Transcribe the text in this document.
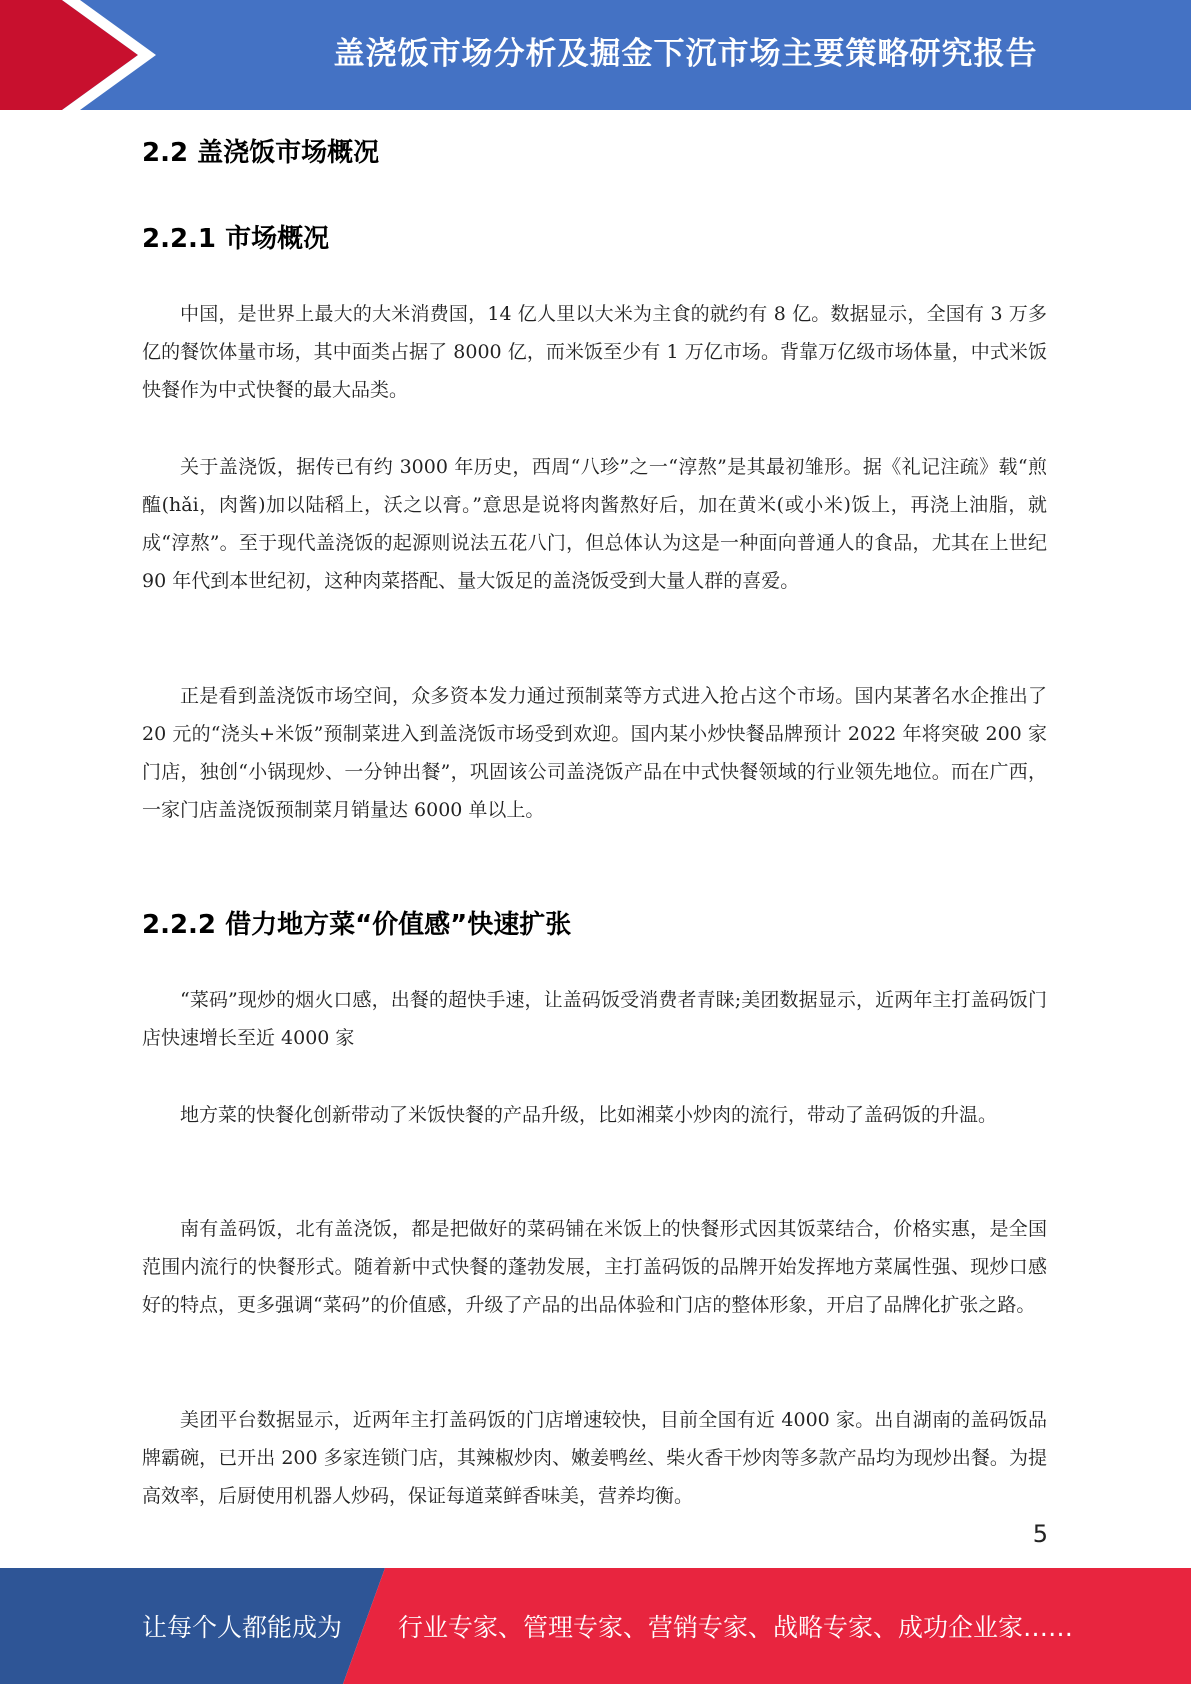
盖浇饭市场分析及掘金下沉市场主要策略研究报告
2.2 盖浇饭市场概况
2.2.1 市场概况

中国，是世界上最大的大米消费国，14 亿人里以大米为主食的就约有 8 亿。数据显示，全国有 3 万多亿的餐饮体量市场，其中面类占据了 8000 亿，而米饭至少有 1 万亿市场。背靠万亿级市场体量，中式米饭快餐作为中式快餐的最大品类。

关于盖浇饭，据传已有约 3000 年历史，西周“八珍”之一“淳熬”是其最初雏形。据《礼记注疏》载“煎醢(hǎi，肉酱)加以陆稻上，沃之以膏。”意思是说将肉酱熬好后，加在黄米(或小米)饭上，再浇上油脂，就成“淳熬”。至于现代盖浇饭的起源则说法五花八门，但总体认为这是一种面向普通人的食品，尤其在上世纪 90 年代到本世纪初，这种肉菜搭配、量大饭足的盖浇饭受到大量人群的喜爱。

正是看到盖浇饭市场空间，众多资本发力通过预制菜等方式进入抢占这个市场。国内某著名水企推出了 20 元的“浇头+米饭”预制菜进入到盖浇饭市场受到欢迎。国内某小炒快餐品牌预计 2022 年将突破 200 家门店，独创“小锅现炒、一分钟出餐”，巩固该公司盖浇饭产品在中式快餐领域的行业领先地位。而在广西，一家门店盖浇饭预制菜月销量达 6000 单以上。

2.2.2 借力地方菜“价值感”快速扩张

“菜码”现炒的烟火口感，出餐的超快手速，让盖码饭受消费者青睐;美团数据显示，近两年主打盖码饭门店快速增长至近 4000 家

地方菜的快餐化创新带动了米饭快餐的产品升级，比如湘菜小炒肉的流行，带动了盖码饭的升温。

南有盖码饭，北有盖浇饭，都是把做好的菜码铺在米饭上的快餐形式因其饭菜结合，价格实惠，是全国范围内流行的快餐形式。随着新中式快餐的蓬勃发展，主打盖码饭的品牌开始发挥地方菜属性强、现炒口感好的特点，更多强调“菜码”的价值感，升级了产品的出品体验和门店的整体形象，开启了品牌化扩张之路。

美团平台数据显示，近两年主打盖码饭的门店增速较快，目前全国有近 4000 家。出自湖南的盖码饭品牌霸碗，已开出 200 多家连锁门店，其辣椒炒肉、嫩姜鸭丝、柴火香干炒肉等多款产品均为现炒出餐。为提高效率，后厨使用机器人炒码，保证每道菜鲜香味美，营养均衡。

5
让每个人都能成为 行业专家、管理专家、营销专家、战略专家、成功企业家……
